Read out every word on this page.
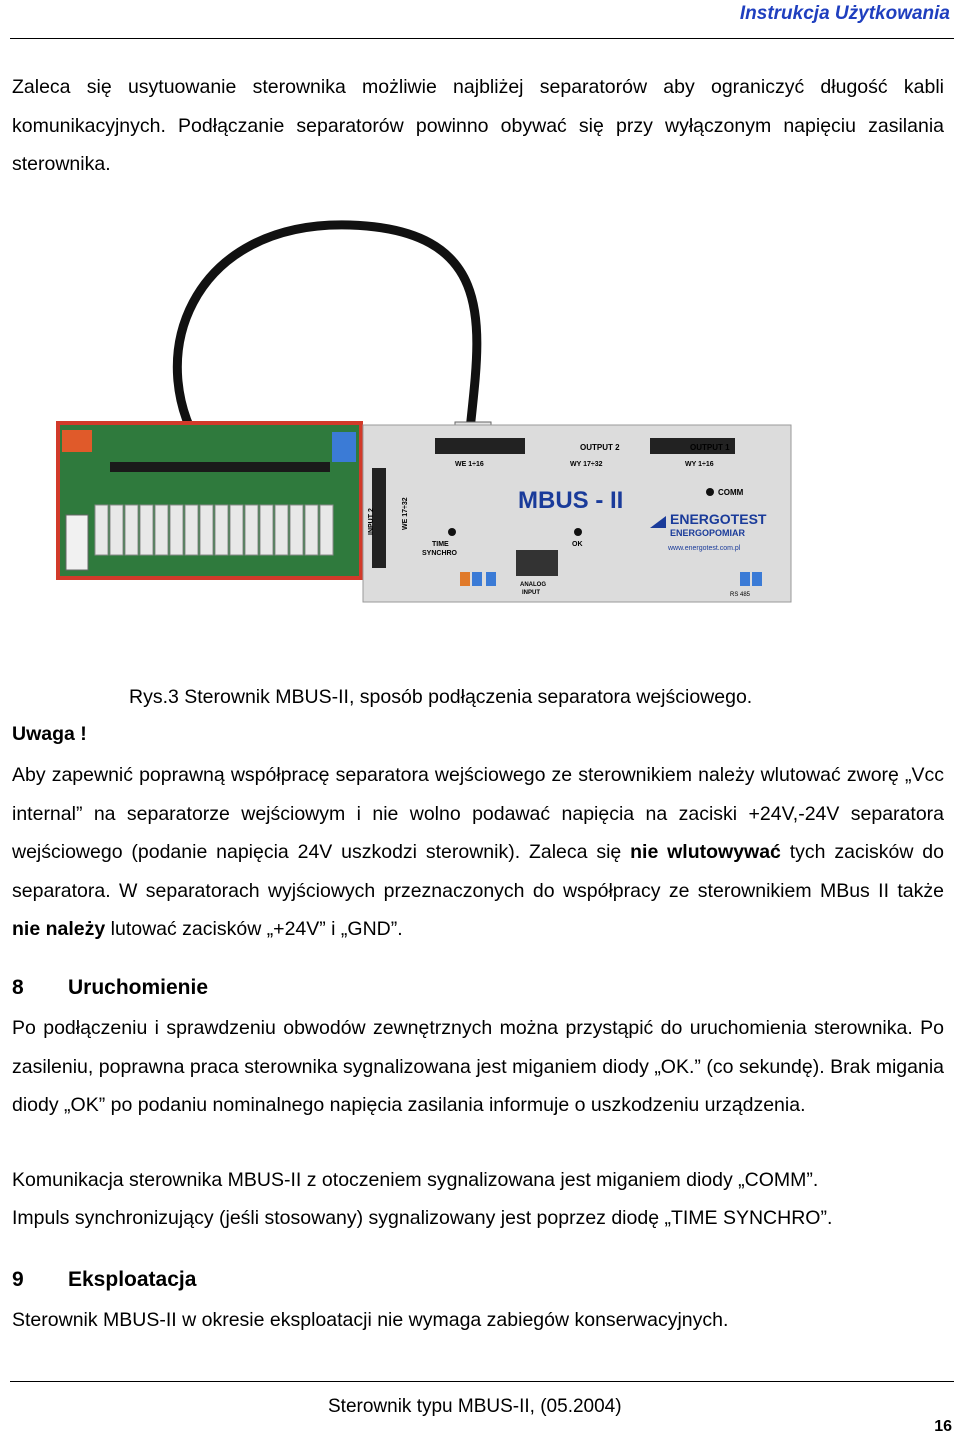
Instrukcja Użytkowania

Zaleca się usytuowanie sterownika możliwie najbliżej separatorów aby ograniczyć długość kabli komunikacyjnych. Podłączanie separatorów powinno obywać się przy wyłączonym napięciu zasilania sterownika.

OUTPUT 2	OUTPUT 1
WE 1÷16	WY 17÷32	WY 1÷16
MBUS - II	COMM
ENERGOTEST
ENERGOPOMIAR
www.energotest.com.pl
TIME
SYNCHRO
OK
ANALOG
INPUT	RS 485
INPUT 2	WE 17÷32
Rys.3 Sterownik MBUS-II, sposób podłączenia separatora wejściowego.
Uwaga !

Aby zapewnić poprawną współpracę separatora wejściowego ze sterownikiem należy wlutować zworę „Vcc internal” na separatorze wejściowym i nie wolno podawać napięcia na zaciski +24V,-24V separatora wejściowego (podanie napięcia 24V uszkodzi sterownik). Zaleca się nie wlutowywać tych zacisków do separatora. W separatorach wyjściowych przeznaczonych do współpracy ze sterownikiem MBus II także nie należy lutować zacisków „+24V” i „GND”.

8 Uruchomienie

Po podłączeniu i sprawdzeniu obwodów zewnętrznych można przystąpić do uruchomienia sterownika. Po zasileniu, poprawna praca sterownika sygnalizowana jest miganiem diody „OK.” (co sekundę). Brak migania diody „OK” po podaniu nominalnego napięcia zasilania informuje o uszkodzeniu urządzenia.

Komunikacja sterownika MBUS-II z otoczeniem sygnalizowana jest miganiem diody „COMM”.

Impuls synchronizujący (jeśli stosowany) sygnalizowany jest poprzez diodę „TIME SYNCHRO”.

9 Eksploatacja

Sterownik MBUS-II w okresie eksploatacji nie wymaga zabiegów konserwacyjnych.

Sterownik typu MBUS-II, (05.2004)
16
